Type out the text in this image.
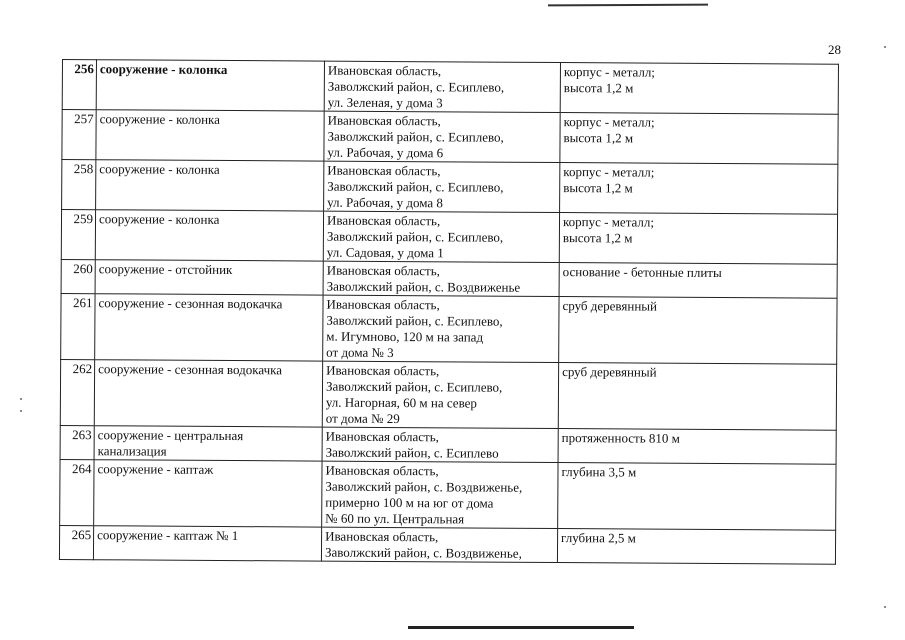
28
256	сооружение - колонка	Ивановская область,
Заволжский район, с. Есиплево,
ул. Зеленая, у дома 3	корпус - металл;
высота 1,2 м
257	сооружение - колонка	Ивановская область,
Заволжский район, с. Есиплево,
ул. Рабочая, у дома 6	корпус - металл;
высота 1,2 м
258	сооружение - колонка	Ивановская область,
Заволжский район, с. Есиплево,
ул. Рабочая, у дома 8	корпус - металл;
высота 1,2 м
259	сооружение - колонка	Ивановская область,
Заволжский район, с. Есиплево,
ул. Садовая, у дома 1	корпус - металл;
высота 1,2 м
260	сооружение - отстойник	Ивановская область,
Заволжский район, с. Воздвиженье	основание - бетонные плиты
261	сооружение - сезонная водокачка	Ивановская область,
Заволжский район, с. Есиплево,
м. Игумново, 120 м на запад
от дома № 3	сруб деревянный
262	сооружение - сезонная водокачка	Ивановская область,
Заволжский район, с. Есиплево,
ул. Нагорная, 60 м на север
от дома № 29	сруб деревянный
263	сооружение - центральная
канализация	Ивановская область,
Заволжский район, с. Есиплево	протяженность 810 м
264	сооружение - каптаж	Ивановская область,
Заволжский район, с. Воздвиженье,
примерно 100 м на юг от дома
№ 60 по ул. Центральная	глубина 3,5 м
265	сооружение - каптаж № 1	Ивановская область,
Заволжский район, с. Воздвиженье,	глубина 2,5 м
